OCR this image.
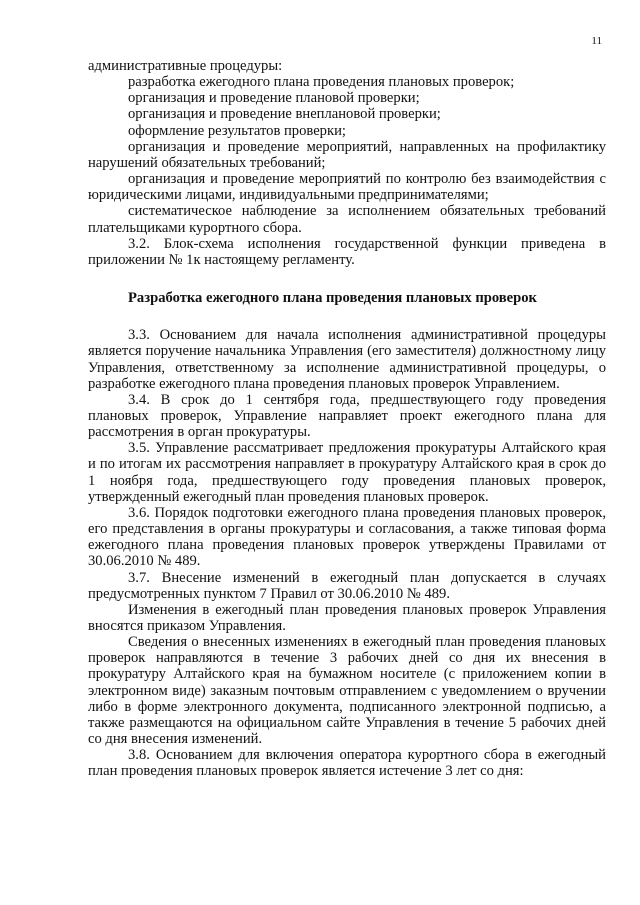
11

административные процедуры:

разработка ежегодного плана проведения плановых проверок;

организация и проведение плановой проверки;

организация и проведение внеплановой проверки;

оформление результатов проверки;

организация и проведение мероприятий, направленных на профилактику нарушений обязательных требований;

организация и проведение мероприятий по контролю без взаимодействия с юридическими лицами, индивидуальными предпринимателями;

систематическое наблюдение за исполнением обязательных требований плательщиками курортного сбора.

3.2. Блок-схема исполнения государственной функции приведена в приложении № 1к настоящему регламенту.

Разработка ежегодного плана проведения плановых проверок

3.3. Основанием для начала исполнения административной процедуры является поручение начальника Управления (его заместителя) должностному лицу Управления, ответственному за исполнение административной процедуры, о разработке ежегодного плана проведения плановых проверок Управлением.

3.4. В срок до 1 сентября года, предшествующего году проведения плановых проверок, Управление направляет проект ежегодного плана для рассмотрения в орган прокуратуры.

3.5. Управление рассматривает предложения прокуратуры Алтайского края и по итогам их рассмотрения направляет в прокуратуру Алтайского края в срок до 1 ноября года, предшествующего году проведения плановых проверок, утвержденный ежегодный план проведения плановых проверок.

3.6. Порядок подготовки ежегодного плана проведения плановых проверок, его представления в органы прокуратуры и согласования, а также типовая форма ежегодного плана проведения плановых проверок утверждены Правилами от 30.06.2010 № 489.

3.7. Внесение изменений в ежегодный план допускается в случаях предусмотренных пунктом 7 Правил от 30.06.2010 № 489.

Изменения в ежегодный план проведения плановых проверок Управления вносятся приказом Управления.

Сведения о внесенных изменениях в ежегодный план проведения плановых проверок направляются в течение 3 рабочих дней со дня их внесения в прокуратуру Алтайского края на бумажном носителе (с приложением копии в электронном виде) заказным почтовым отправлением с уведомлением о вручении либо в форме электронного документа, подписанного электронной подписью, а также размещаются на официальном сайте Управления в течение 5 рабочих дней со дня внесения изменений.

3.8. Основанием для включения оператора курортного сбора в ежегодный план проведения плановых проверок является истечение 3 лет со дня:
